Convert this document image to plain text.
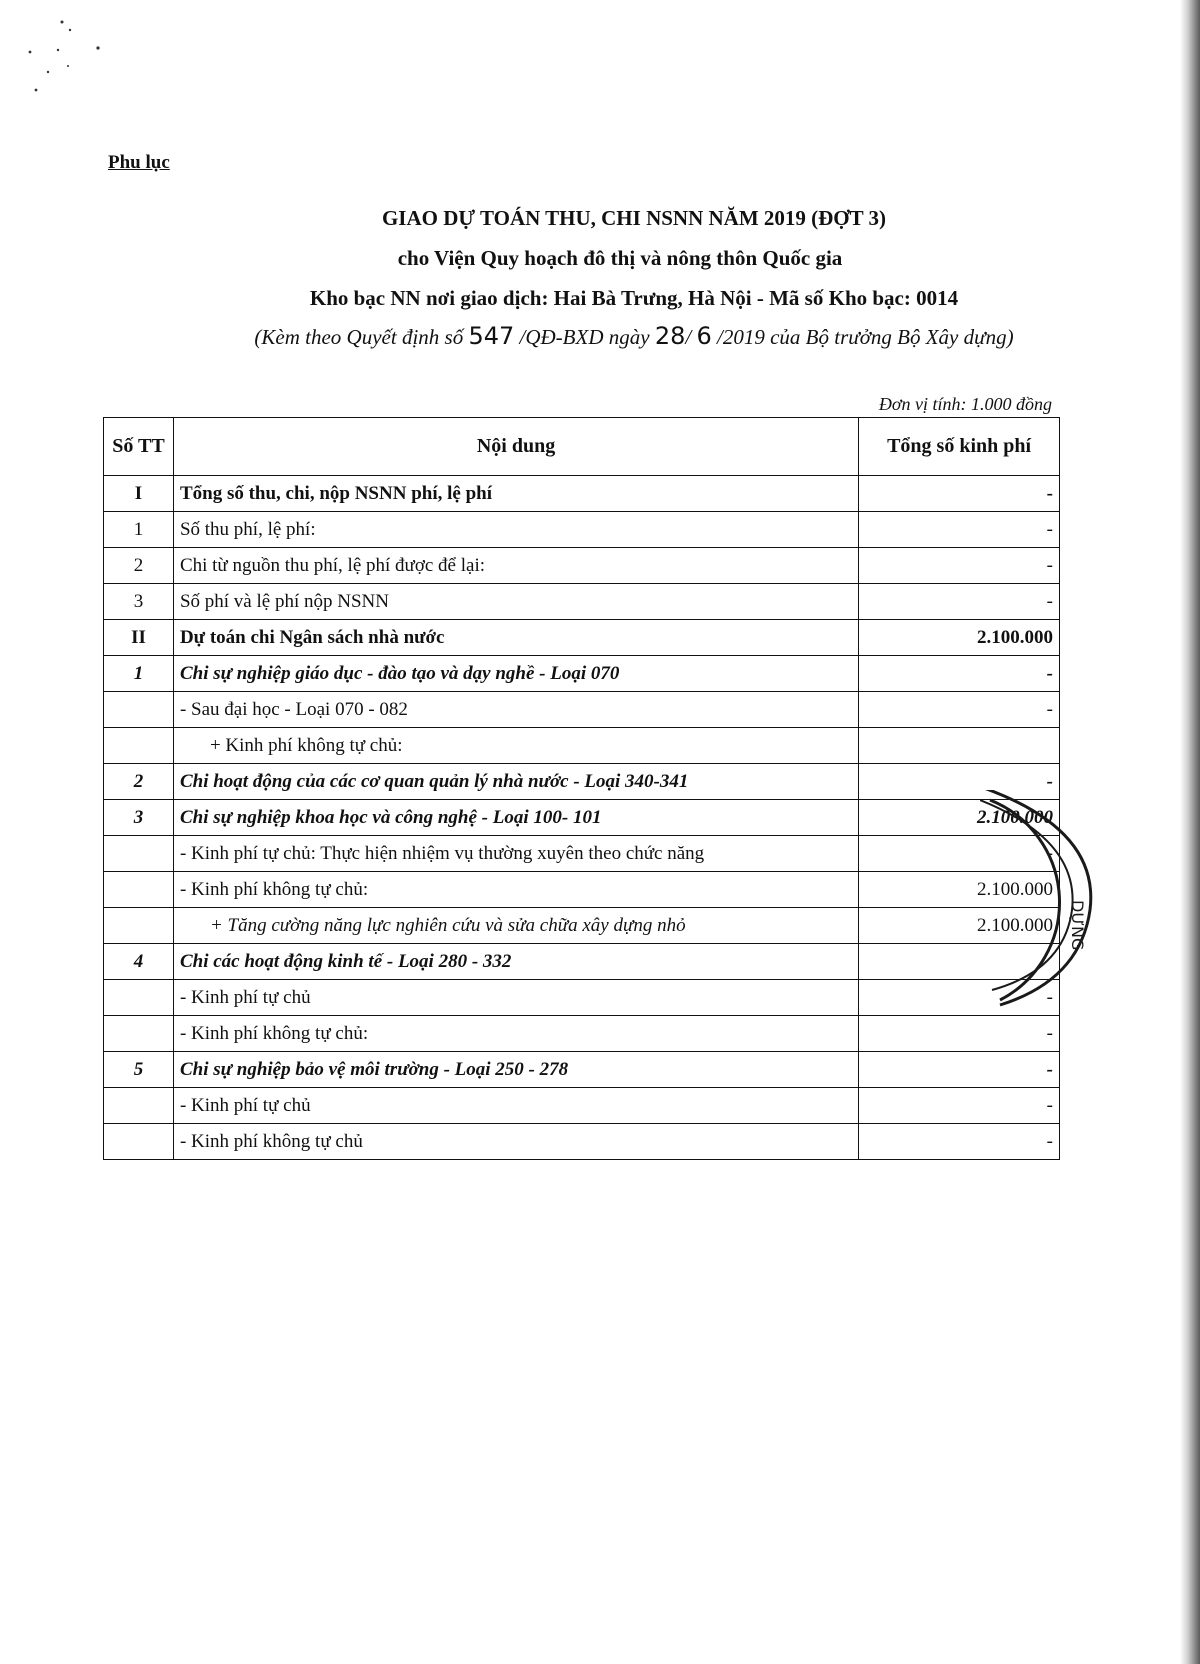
Phu lục
GIAO DỰ TOÁN THU, CHI NSNN NĂM 2019 (ĐỢT 3)
cho Viện Quy hoạch đô thị và nông thôn Quốc gia
Kho bạc NN nơi giao dịch: Hai Bà Trưng, Hà Nội - Mã số Kho bạc: 0014
(Kèm theo Quyết định số 547 /QĐ-BXD ngày 28/ 6 /2019 của Bộ trưởng Bộ Xây dựng)
Đơn vị tính: 1.000 đồng
Số TT	Nội dung	Tổng số kinh phí
I	Tổng số thu, chi, nộp NSNN phí, lệ phí	-
1	Số thu phí, lệ phí:	-
2	Chi từ nguồn thu phí, lệ phí được để lại:	-
3	Số phí và lệ phí nộp NSNN	-
II	Dự toán chi Ngân sách nhà nước	2.100.000
1	Chi sự nghiệp giáo dục - đào tạo và dạy nghề - Loại 070	-
	- Sau đại học - Loại 070 - 082	-
	+ Kinh phí không tự chủ:	
2	Chi hoạt động của các cơ quan quản lý nhà nước - Loại 340-341	-
3	Chi sự nghiệp khoa học và công nghệ - Loại 100- 101	2.100.000
	- Kinh phí tự chủ: Thực hiện nhiệm vụ thường xuyên theo chức năng	-
	- Kinh phí không tự chủ:	2.100.000
	+ Tăng cường năng lực nghiên cứu và sửa chữa xây dựng nhỏ	2.100.000
4	Chi các hoạt động kinh tế - Loại 280 - 332	
	- Kinh phí tự chủ	-
	- Kinh phí không tự chủ:	-
5	Chi sự nghiệp bảo vệ môi trường - Loại 250 - 278	-
	- Kinh phí tự chủ	-
	- Kinh phí không tự chủ	-
DỰNG
